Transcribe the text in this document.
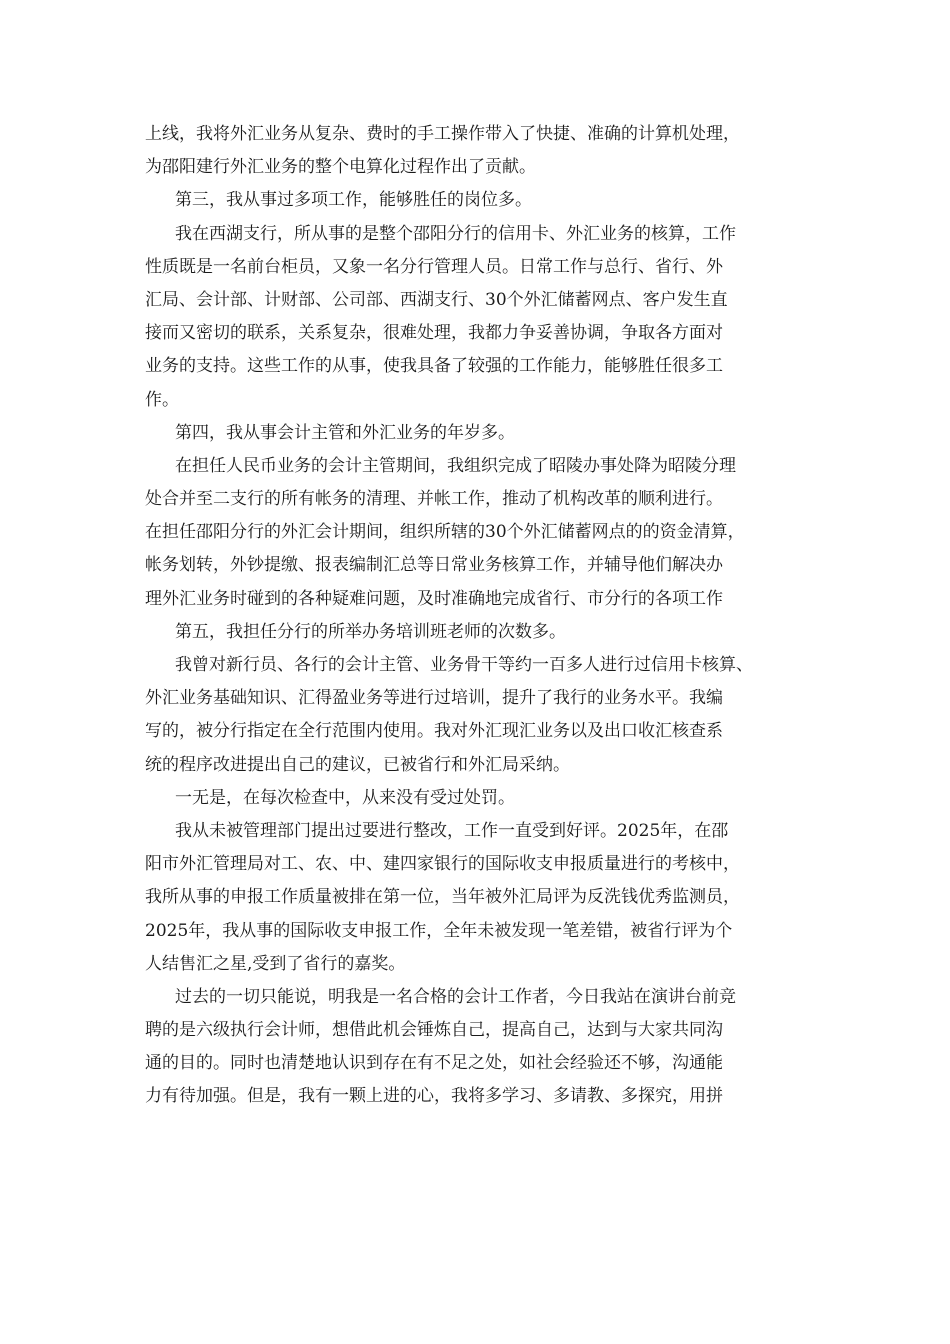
上线，我将外汇业务从复杂、费时的手工操作带入了快捷、准确的计算机处理，
为邵阳建行外汇业务的整个电算化过程作出了贡献。
第三，我从事过多项工作，能够胜任的岗位多。
我在西湖支行，所从事的是整个邵阳分行的信用卡、外汇业务的核算，工作
性质既是一名前台柜员，又象一名分行管理人员。日常工作与总行、省行、外
汇局、会计部、计财部、公司部、西湖支行、30个外汇储蓄网点、客户发生直
接而又密切的联系，关系复杂，很难处理，我都力争妥善协调，争取各方面对
业务的支持。这些工作的从事，使我具备了较强的工作能力，能够胜任很多工
作。
第四，我从事会计主管和外汇业务的年岁多。
在担任人民币业务的会计主管期间，我组织完成了昭陵办事处降为昭陵分理
处合并至二支行的所有帐务的清理、并帐工作，推动了机构改革的顺利进行。
在担任邵阳分行的外汇会计期间，组织所辖的30个外汇储蓄网点的的资金清算，
帐务划转，外钞提缴、报表编制汇总等日常业务核算工作，并辅导他们解决办
理外汇业务时碰到的各种疑难问题，及时准确地完成省行、市分行的各项工作
第五，我担任分行的所举办务培训班老师的次数多。
我曾对新行员、各行的会计主管、业务骨干等约一百多人进行过信用卡核算、
外汇业务基础知识、汇得盈业务等进行过培训，提升了我行的业务水平。我编
写的，被分行指定在全行范围内使用。我对外汇现汇业务以及出口收汇核查系
统的程序改进提出自己的建议，已被省行和外汇局采纳。
一无是，在每次检查中，从来没有受过处罚。
我从未被管理部门提出过要进行整改，工作一直受到好评。2025年，在邵
阳市外汇管理局对工、农、中、建四家银行的国际收支申报质量进行的考核中，
我所从事的申报工作质量被排在第一位，当年被外汇局评为反洗钱优秀监测员，
2025年，我从事的国际收支申报工作，全年未被发现一笔差错，被省行评为个
人结售汇之星,受到了省行的嘉奖。
过去的一切只能说，明我是一名合格的会计工作者，今日我站在演讲台前竞
聘的是六级执行会计师，想借此机会锤炼自己，提高自己，达到与大家共同沟
通的目的。同时也清楚地认识到存在有不足之处，如社会经验还不够，沟通能
力有待加强。但是，我有一颗上进的心，我将多学习、多请教、多探究，用拼
